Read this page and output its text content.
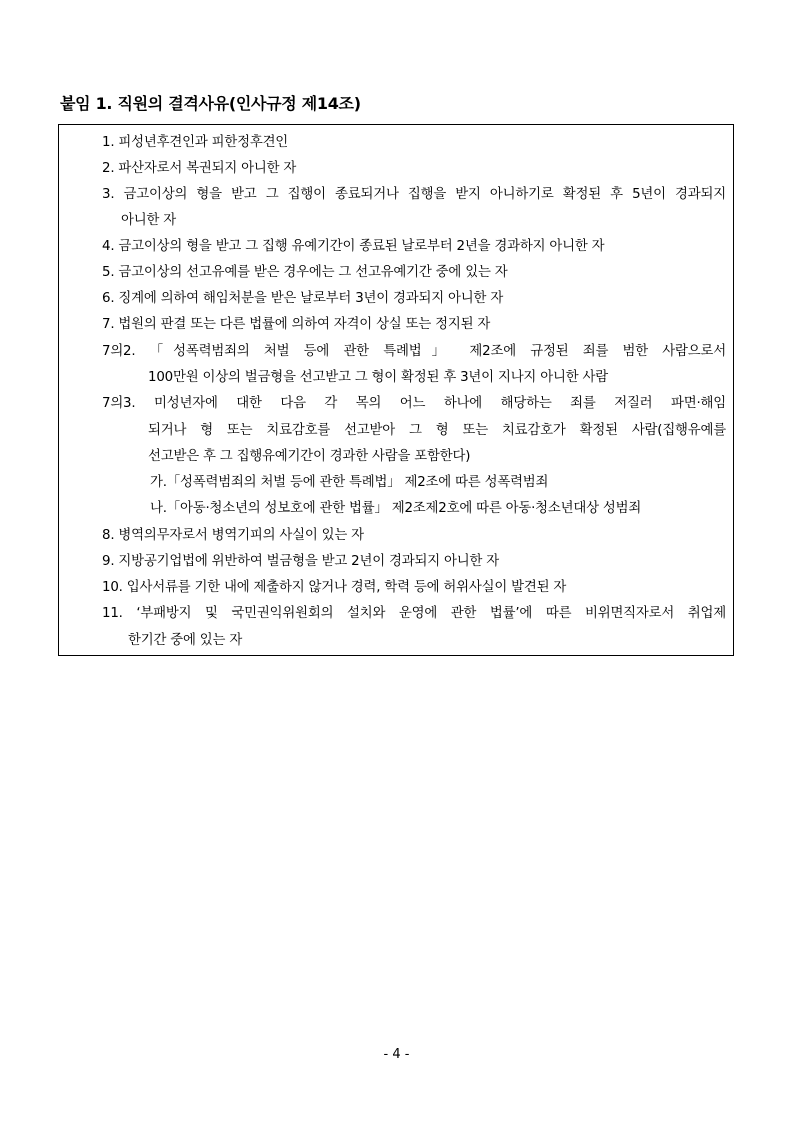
붙임 1. 직원의 결격사유(인사규정 제14조)
1. 피성년후견인과 피한정후견인
2. 파산자로서 복권되지 아니한 자
3. 금고이상의 형을 받고 그 집행이 종료되거나 집행을 받지 아니하기로 확정된 후 5년이 경과되지
아니한 자
4. 금고이상의 형을 받고 그 집행 유예기간이 종료된 날로부터 2년을 경과하지 아니한 자
5. 금고이상의 선고유예를 받은 경우에는 그 선고유예기간 중에 있는 자
6. 징계에 의하여 해임처분을 받은 날로부터 3년이 경과되지 아니한 자
7. 법원의 판결 또는 다른 법률에 의하여 자격이 상실 또는 정지된 자
7의2. 「성폭력범죄의 처벌 등에 관한 특례법」 제2조에 규정된 죄를 범한 사람으로서
100만원 이상의 벌금형을 선고받고 그 형이 확정된 후 3년이 지나지 아니한 사람
7의3. 미성년자에 대한 다음 각 목의 어느 하나에 해당하는 죄를 저질러 파면·해임
되거나 형 또는 치료감호를 선고받아 그 형 또는 치료감호가 확정된 사람(집행유예를
선고받은 후 그 집행유예기간이 경과한 사람을 포함한다)
가.「성폭력범죄의 처벌 등에 관한 특례법」 제2조에 따른 성폭력범죄
나.「아동·청소년의 성보호에 관한 법률」 제2조제2호에 따른 아동·청소년대상 성범죄
8. 병역의무자로서 병역기피의 사실이 있는 자
9. 지방공기업법에 위반하여 벌금형을 받고 2년이 경과되지 아니한 자
10. 입사서류를 기한 내에 제출하지 않거나 경력, 학력 등에 허위사실이 발견된 자
11. ‘부패방지 및 국민권익위원회의 설치와 운영에 관한 법률’에 따른 비위면직자로서 취업제
한기간 중에 있는 자
- 4 -
